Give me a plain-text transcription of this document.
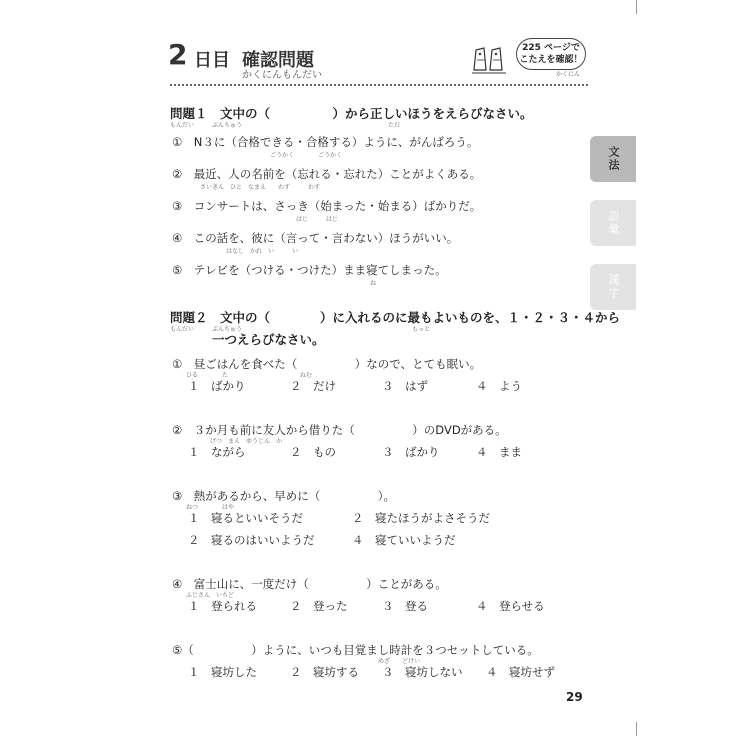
2 日目 確認問題
かくにんもんだい
225 ページで
こたえを確認！
かくにん
文法
語彙
漢字
問題１　文中の（　　　　　）から正しいほうをえらびなさい。
もんだい	ぶんちゅう	ただ
①　N３に（合格できる・合格する）ように、がんばろう。
ごうかく　　　　ごうかく
②　最近、人の名前を（忘れる・忘れた）ことがよくある。
さいきん　ひと　なまえ　　わす　　　わす
③　コンサートは、さっき（始まった・始まる）ばかりだ。
はじ　　　はじ
④　この話を、彼に（言って・言わない）ほうがいい。
はなし　かれ　い　　　い
⑤　テレビを（つける・つけた）まま寝てしまった。
ね
問題２　文中の（　　　　）に入れるのに最もよいものを、１・２・３・４から
もんだい	ぶんちゅう	もっと
一つえらびなさい。
①　昼ごはんを食べた（　　　　　）なので、とても眠い。
ひる　　　　た　　　　　　　　　　　　ねむ
１　ばかり	２　だけ	３　はず	４　よう
②　３か月も前に友人から借りた（　　　　　）のDVDがある。
げつ　まえ　ゆうじん　か
１　ながら	２　もの	３　ばかり	４　まま
③　熱があるから、早めに（　　　　　）。
ねつ　　　　はや
１　寝るといいそうだ	２　寝たほうがよさそうだ
２　寝るのはいいようだ	４　寝ていいようだ
④　富士山に、一度だけ（　　　　　）ことがある。
ふじさん　いちど
１　登られる	２　登った	３　登る	４　登らせる
⑤（　　　　　）ように、いつも目覚まし時計を３つセットしている。
めざ　　どけい
１　寝坊した	２　寝坊する ３　寝坊しない ４　寝坊せず
29
